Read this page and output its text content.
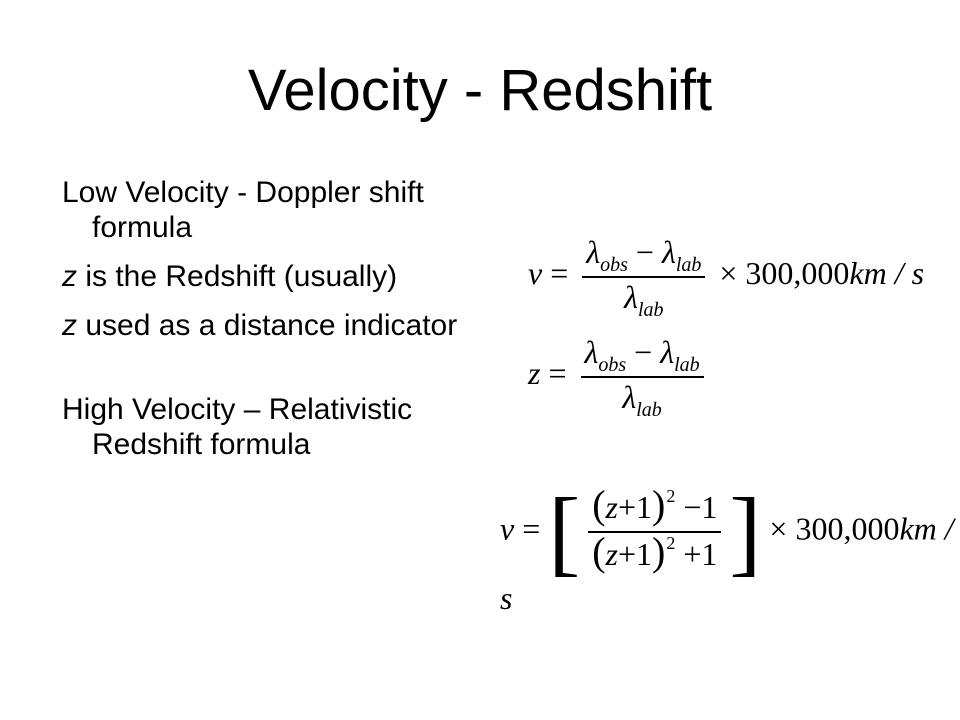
Velocity - Redshift
Low Velocity - Doppler shift formula
z is the Redshift (usually)
z used as a distance indicator
High Velocity – Relativistic Redshift formula
$v = \frac{\lambda_{obs} - \lambda_{lab}}{\lambda_{lab}} \times 300,000km / s$
$z = \frac{\lambda_{obs} - \lambda_{lab}}{\lambda_{lab}}$
v = [ $\frac{(z+1)^2 -1}{(z+1)^2 +1}$ ] × 300,000km / s
